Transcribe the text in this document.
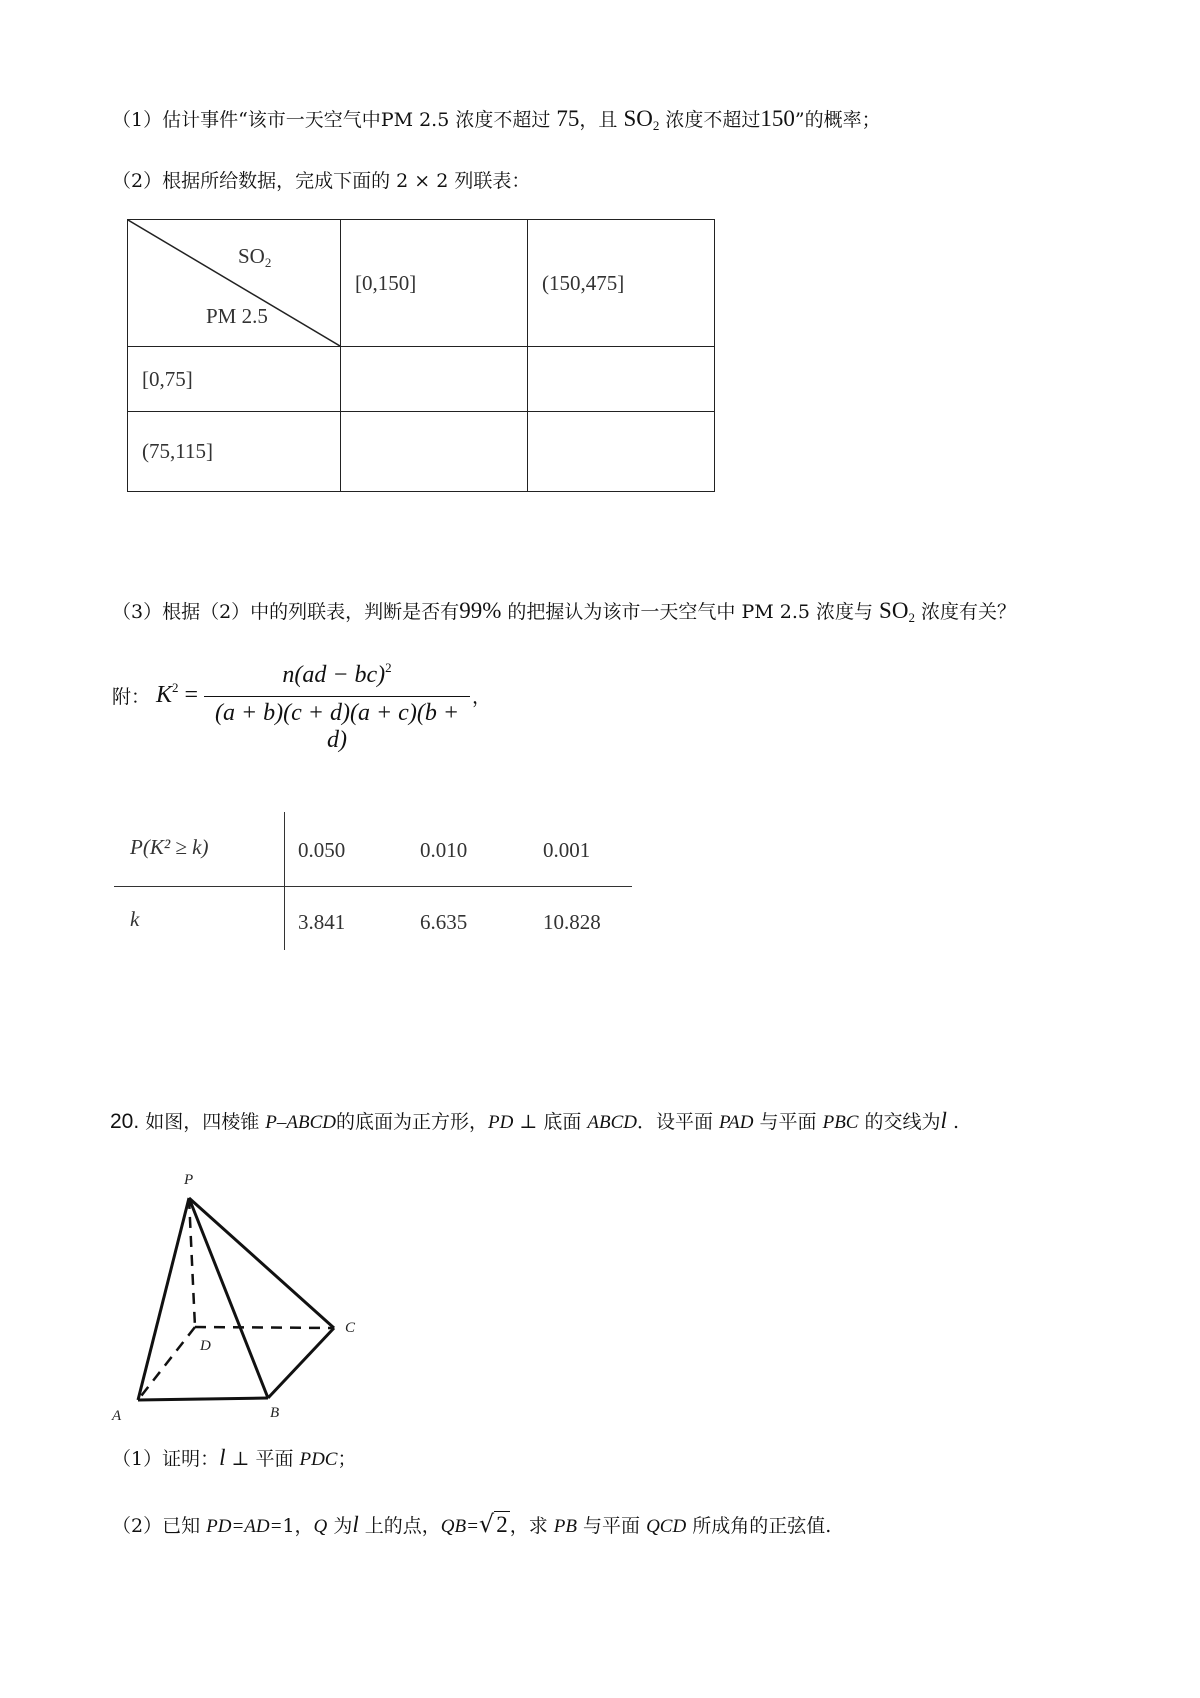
（1）估计事件“该市一天空气中PM 2.5 浓度不超过 75，且 $SO_2$ 浓度不超过150”的概率；
（2）根据所给数据，完成下面的 2 × 2 列联表：
$SO_2$
PM 2.5	[0,150]	(150,475]
[0,75]		
(75,115]		
（3）根据（2）中的列联表，判断是否有99% 的把握认为该市一天空气中 PM 2.5 浓度与 $SO_2$ 浓度有关？
附： $K^2$ =
n(ad − bc)$^2$
(a + b)(c + d)(a + c)(b + d)
，
P(K² ≥ k)	0.050	0.010	0.001
k	3.841	6.635	10.828
20. 如图，四棱锥 P–ABCD的底面为正方形，PD ⊥ 底面 ABCD．设平面 PAD 与平面 PBC 的交线为l .
P
A	B
C
D
（1）证明：l ⊥ 平面 PDC；
（2）已知 PD=AD=1，Q 为l 上的点，QB=√2 ，求 PB 与平面 QCD 所成角的正弦值.
